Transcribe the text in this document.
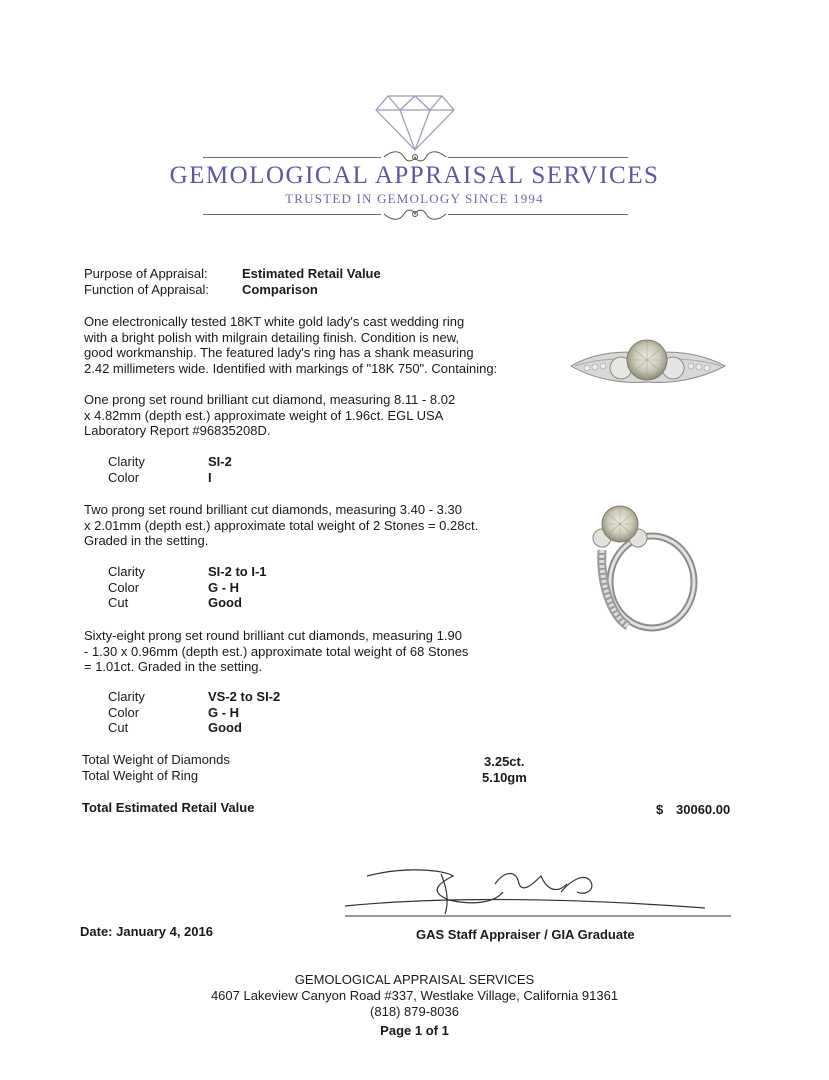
GEMOLOGICAL APPRAISAL SERVICES
TRUSTED IN GEMOLOGY SINCE 1994
Purpose of Appraisal:	Estimated Retail Value
Function of Appraisal:	Comparison
One electronically tested 18KT white gold lady's cast wedding ring
with a bright polish with milgrain detailing finish. Condition is new,
good workmanship. The featured lady's ring has a shank measuring
2.42 millimeters wide. Identified with markings of "18K 750". Containing:
One prong set round brilliant cut diamond, measuring 8.11 - 8.02
x 4.82mm (depth est.) approximate weight of 1.96ct. EGL USA
Laboratory Report #96835208D.
Clarity	SI-2
Color	I
Two prong set round brilliant cut diamonds, measuring 3.40 - 3.30
x 2.01mm (depth est.) approximate total weight of 2 Stones = 0.28ct.
Graded in the setting.
Clarity	SI-2 to I-1
Color	G - H
Cut	Good
Sixty-eight prong set round brilliant cut diamonds, measuring 1.90
- 1.30 x 0.96mm (depth est.) approximate total weight of 68 Stones
= 1.01ct. Graded in the setting.
Clarity	VS-2 to SI-2
Color	G - H
Cut	Good
Total Weight of Diamonds	3.25ct.
Total Weight of Ring	5.10gm
Total Estimated Retail Value	$ 30060.00
Date: January 4, 2016	GAS Staff Appraiser / GIA Graduate
GEMOLOGICAL APPRAISAL SERVICES
4607 Lakeview Canyon Road #337, Westlake Village, California 91361
(818) 879-8036
Page 1 of 1
